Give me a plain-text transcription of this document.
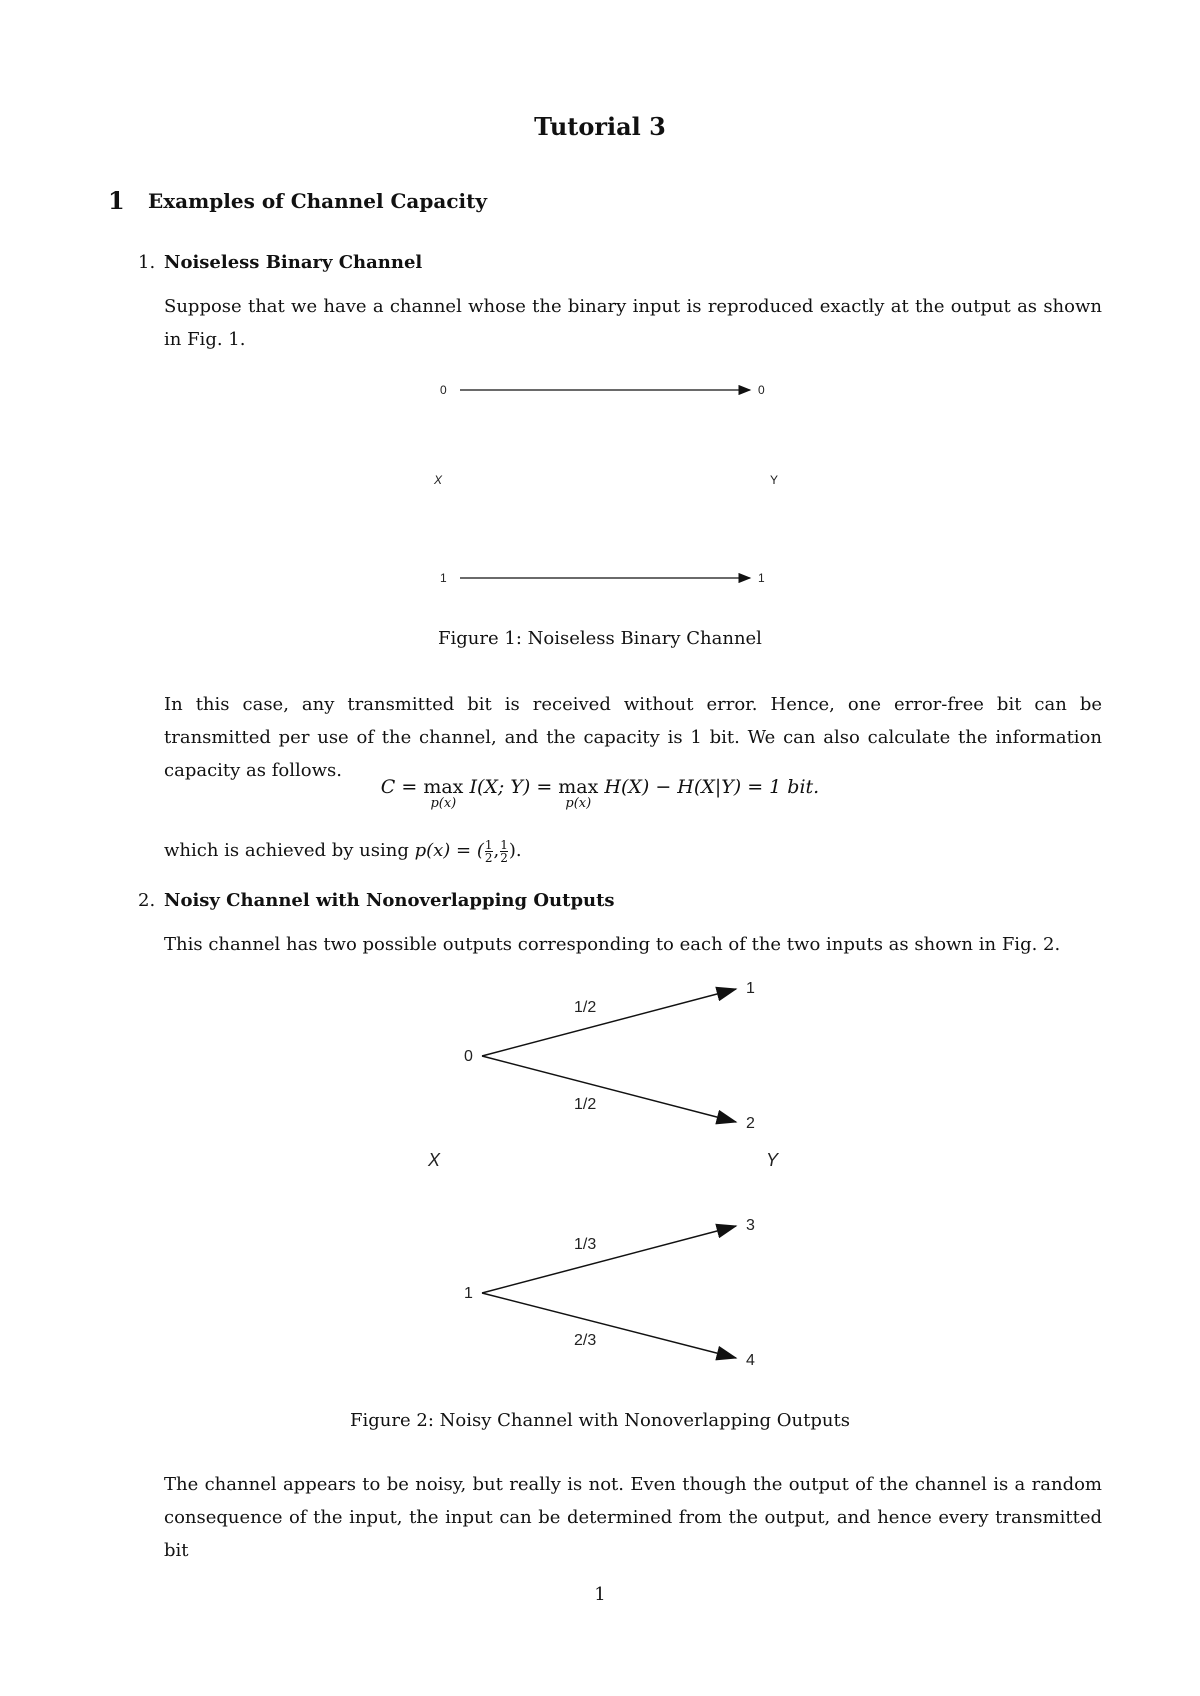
Tutorial 3
1 Examples of Channel Capacity
1. Noiseless Binary Channel
Suppose that we have a channel whose the binary input is reproduced exactly at the output as shown in Fig. 1.
0	0
X	Y
1	1
Figure 1: Noiseless Binary Channel
In this case, any transmitted bit is received without error. Hence, one error-free bit can be transmitted per use of the channel, and the capacity is 1 bit. We can also calculate the information capacity as follows.
C = max
p(x)
I(X; Y) = max
p(x)
H(X) − H(X|Y) = 1 bit.
which is achieved by using p(x) = ( $\frac{1}{2}$ , $\frac{1}{2}$ ).
2. Noisy Channel with Nonoverlapping Outputs
This channel has two possible outputs corresponding to each of the two inputs as shown in Fig. 2.
0
1/2
1/2
1
2
X	Y
1
1/3
2/3
3
4
Figure 2: Noisy Channel with Nonoverlapping Outputs
The channel appears to be noisy, but really is not. Even though the output of the channel is a random consequence of the input, the input can be determined from the output, and hence every transmitted bit
1
